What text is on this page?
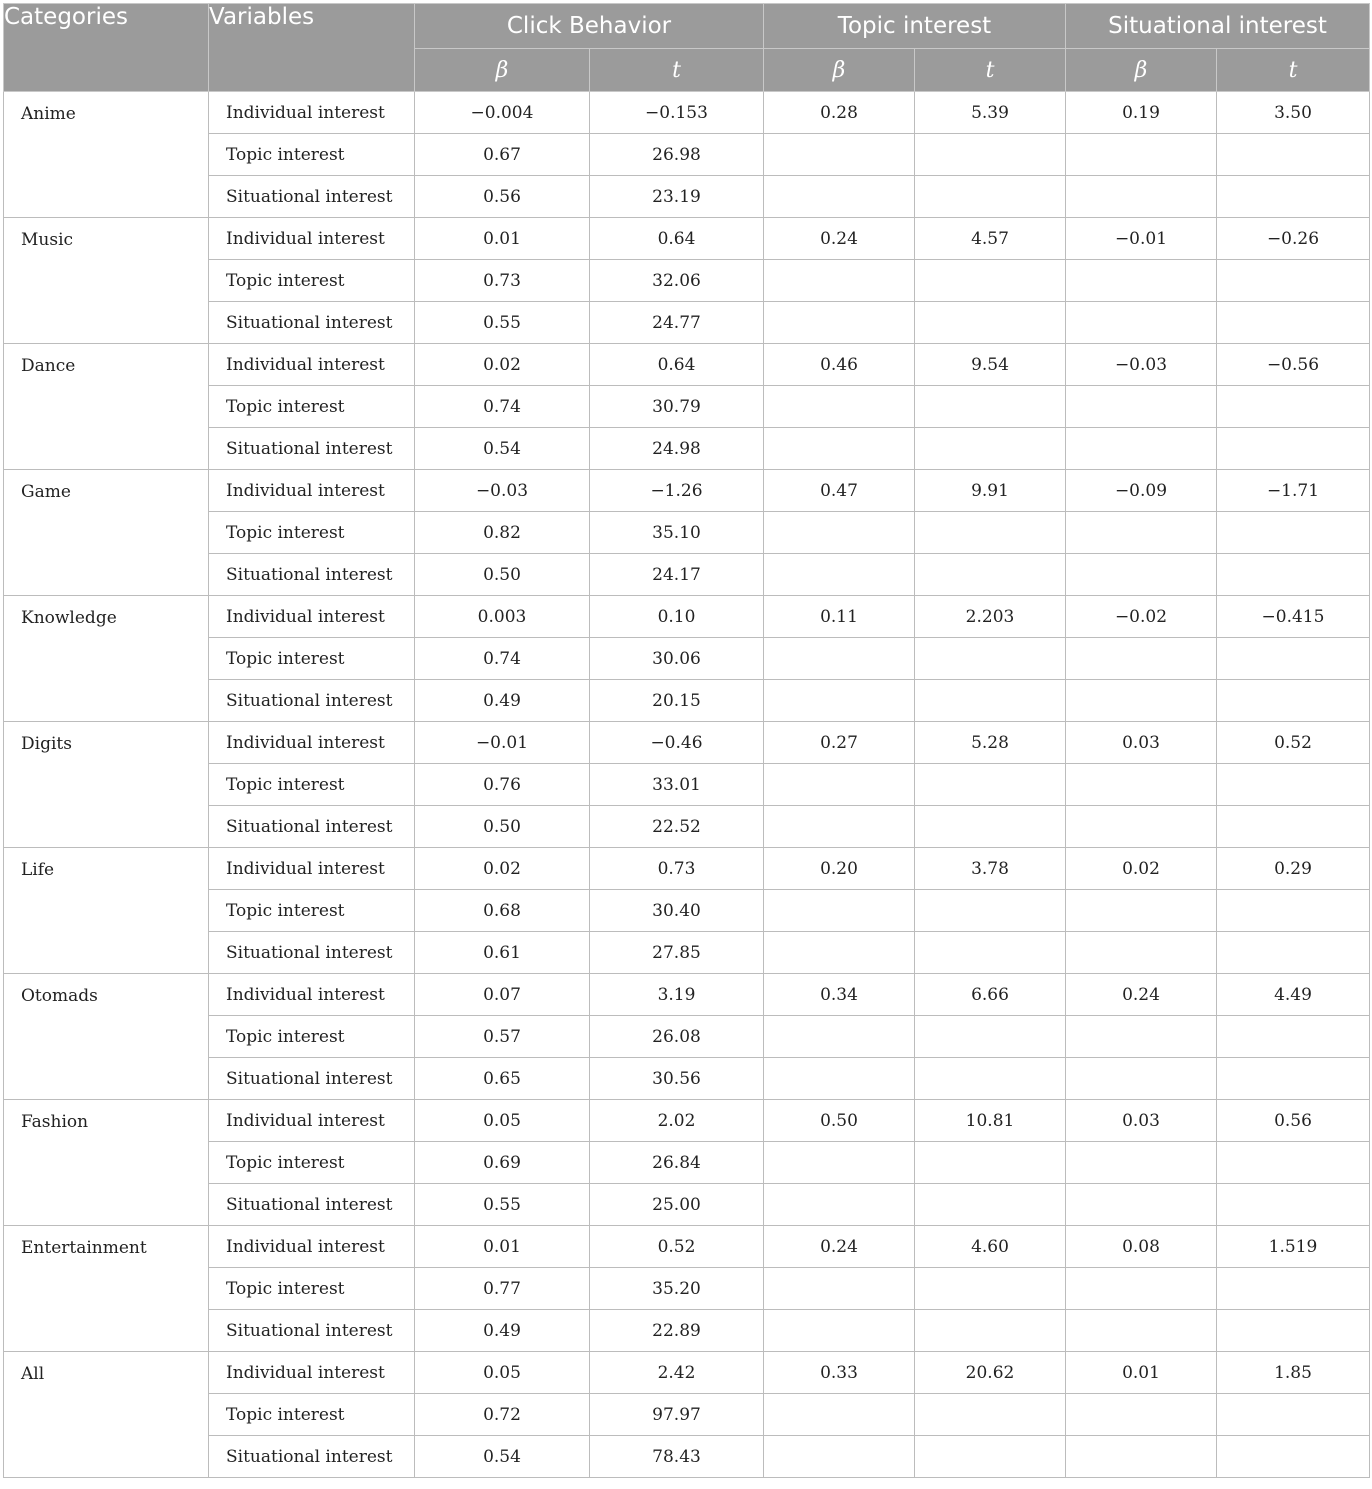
Categories	Variables	Click Behavior		Topic interest		Situational interest	
		β	t	β	t	β	t
Anime	Individual interest	−0.004	−0.153	0.28	5.39	0.19	3.50
	Topic interest	0.67	26.98				
	Situational interest	0.56	23.19				
Music	Individual interest	0.01	0.64	0.24	4.57	−0.01	−0.26
	Topic interest	0.73	32.06				
	Situational interest	0.55	24.77				
Dance	Individual interest	0.02	0.64	0.46	9.54	−0.03	−0.56
	Topic interest	0.74	30.79				
	Situational interest	0.54	24.98				
Game	Individual interest	−0.03	−1.26	0.47	9.91	−0.09	−1.71
	Topic interest	0.82	35.10				
	Situational interest	0.50	24.17				
Knowledge	Individual interest	0.003	0.10	0.11	2.203	−0.02	−0.415
	Topic interest	0.74	30.06				
	Situational interest	0.49	20.15				
Digits	Individual interest	−0.01	−0.46	0.27	5.28	0.03	0.52
	Topic interest	0.76	33.01				
	Situational interest	0.50	22.52				
Life	Individual interest	0.02	0.73	0.20	3.78	0.02	0.29
	Topic interest	0.68	30.40				
	Situational interest	0.61	27.85				
Otomads	Individual interest	0.07	3.19	0.34	6.66	0.24	4.49
	Topic interest	0.57	26.08				
	Situational interest	0.65	30.56				
Fashion	Individual interest	0.05	2.02	0.50	10.81	0.03	0.56
	Topic interest	0.69	26.84				
	Situational interest	0.55	25.00				
Entertainment	Individual interest	0.01	0.52	0.24	4.60	0.08	1.519
	Topic interest	0.77	35.20				
	Situational interest	0.49	22.89				
All	Individual interest	0.05	2.42	0.33	20.62	0.01	1.85
	Topic interest	0.72	97.97				
	Situational interest	0.54	78.43				
